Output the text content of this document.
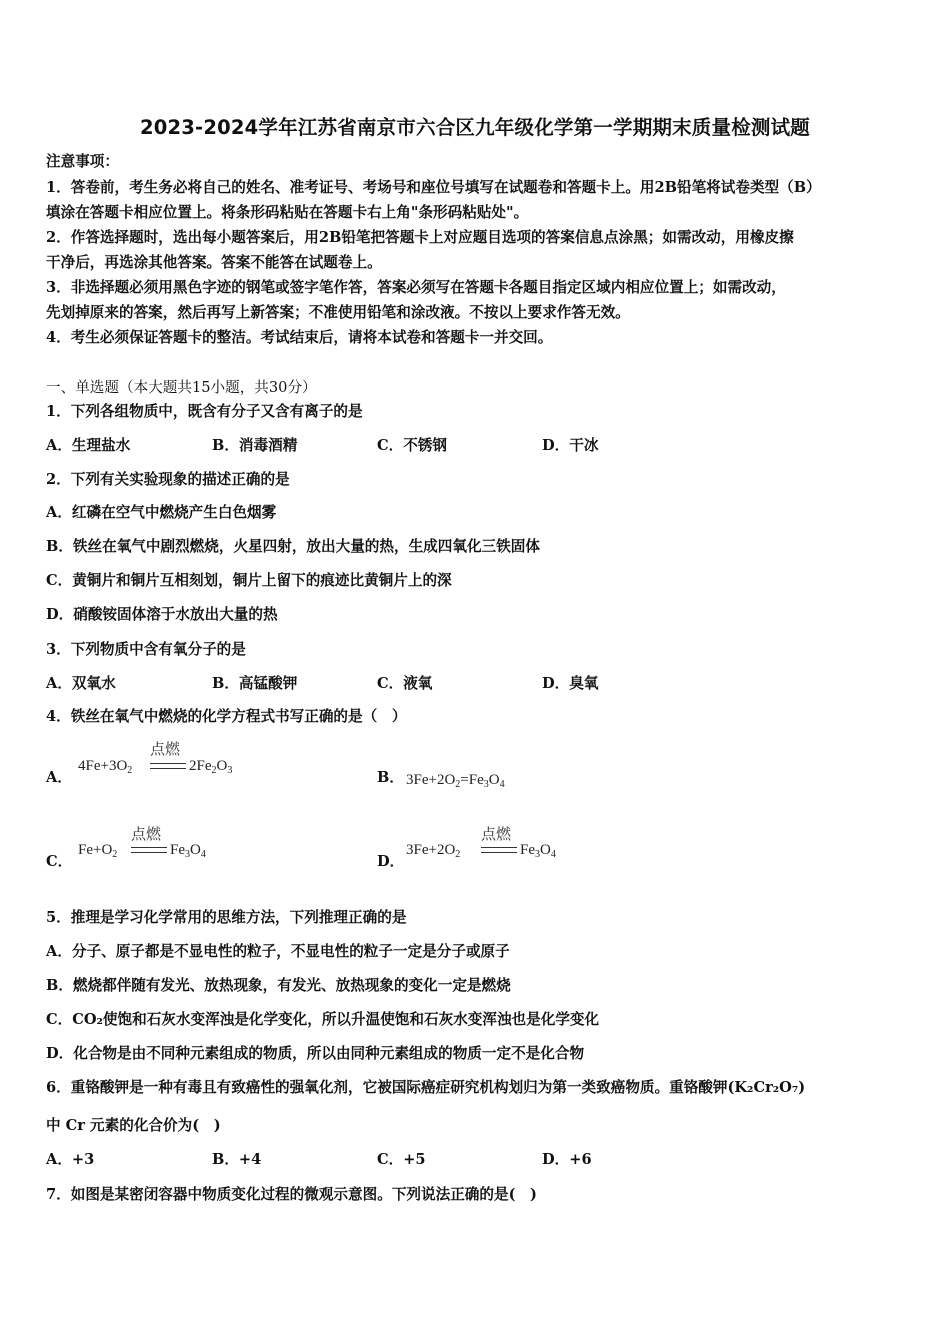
2023-2024学年江苏省南京市六合区九年级化学第一学期期末质量检测试题
注意事项：
1．答卷前，考生务必将自己的姓名、准考证号、考场号和座位号填写在试题卷和答题卡上。用2B铅笔将试卷类型（B）
填涂在答题卡相应位置上。将条形码粘贴在答题卡右上角"条形码粘贴处"。
2．作答选择题时，选出每小题答案后，用2B铅笔把答题卡上对应题目选项的答案信息点涂黑；如需改动，用橡皮擦
干净后，再选涂其他答案。答案不能答在试题卷上。
3．非选择题必须用黑色字迹的钢笔或签字笔作答，答案必须写在答题卡各题目指定区域内相应位置上；如需改动，
先划掉原来的答案，然后再写上新答案；不准使用铅笔和涂改液。不按以上要求作答无效。
4．考生必须保证答题卡的整洁。考试结束后，请将本试卷和答题卡一并交回。
一、单选题（本大题共15小题，共30分）
1．下列各组物质中，既含有分子又含有离子的是
A．生理盐水	B．消毒酒精	C．不锈钢	D．干冰
2．下列有关实验现象的描述正确的是
A．红磷在空气中燃烧产生白色烟雾
B．铁丝在氧气中剧烈燃烧，火星四射，放出大量的热，生成四氧化三铁固体
C．黄铜片和铜片互相刻划，铜片上留下的痕迹比黄铜片上的深
D．硝酸铵固体溶于水放出大量的热
3．下列物质中含有氧分子的是
A．双氧水	B．高锰酸钾	C．液氧	D．臭氧
4．铁丝在氧气中燃烧的化学方程式书写正确的是（　）
A．
$4Fe+3O_2$
点燃
$2Fe_2O_3$	B． $3Fe+2O_2=Fe_3O_4$
C．
$Fe+O_2$
点燃
$Fe_3O_4$	D．
$3Fe+2O_2$
点燃
$Fe_3O_4$
5．推理是学习化学常用的思维方法，下列推理正确的是
A．分子、原子都是不显电性的粒子，不显电性的粒子一定是分子或原子
B．燃烧都伴随有发光、放热现象，有发光、放热现象的变化一定是燃烧
C．CO₂使饱和石灰水变浑浊是化学变化，所以升温使饱和石灰水变浑浊也是化学变化
D．化合物是由不同种元素组成的物质，所以由同种元素组成的物质一定不是化合物
6．重铬酸钾是一种有毒且有致癌性的强氧化剂，它被国际癌症研究机构划归为第一类致癌物质。重铬酸钾(K₂Cr₂O₇)
中 Cr 元素的化合价为(　)
A．+3	B．+4	C．+5	D．+6
7．如图是某密闭容器中物质变化过程的微观示意图。下列说法正确的是(　)
